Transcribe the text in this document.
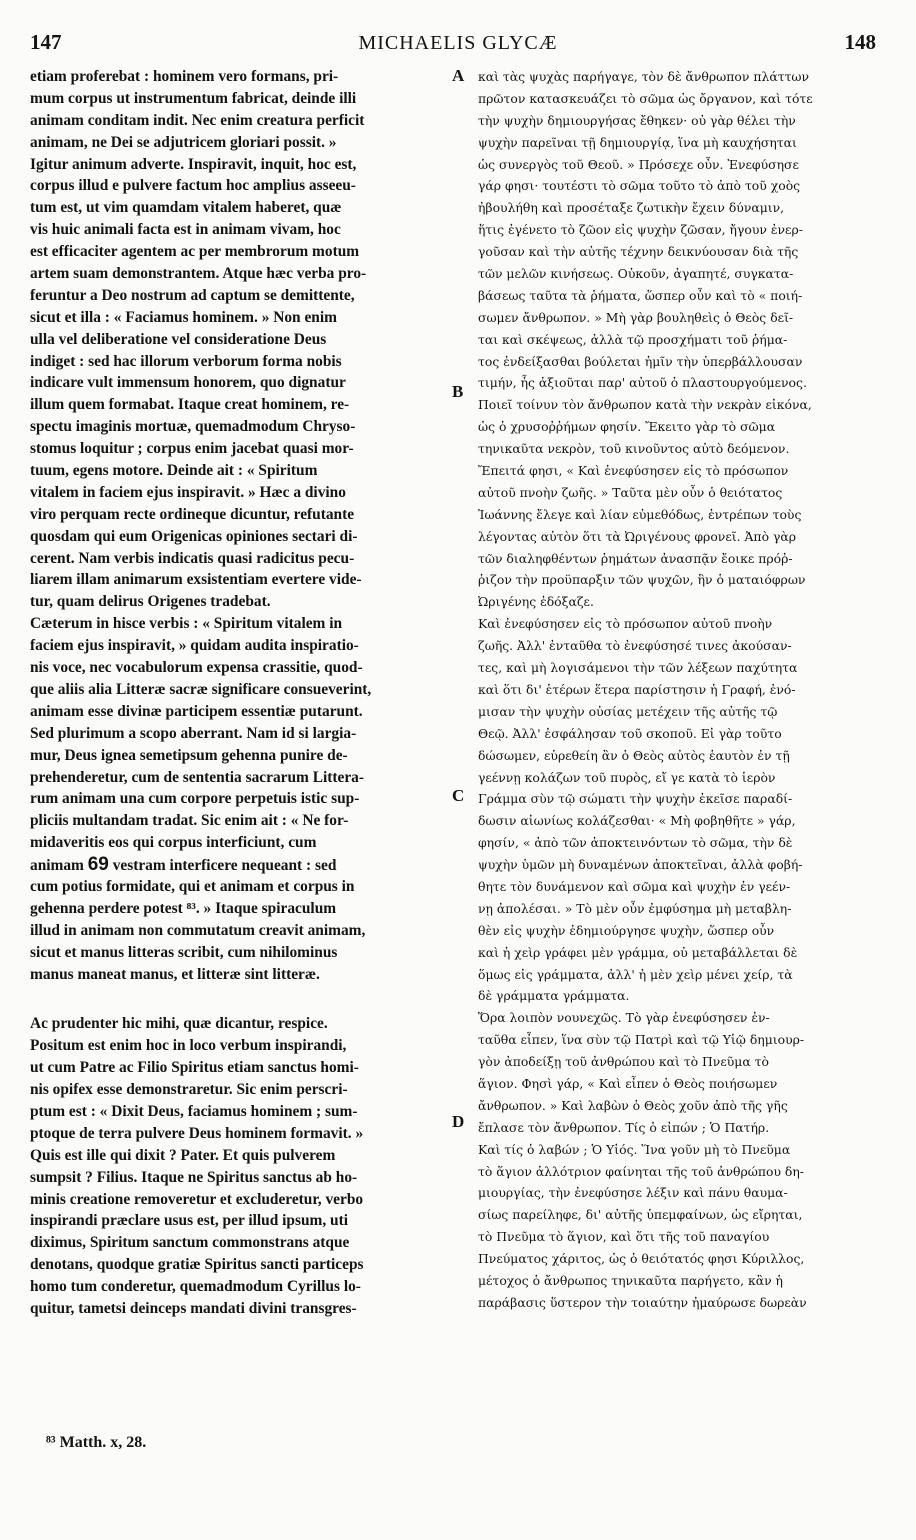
147	MICHAELIS GLYCÆ	148
etiam proferebat : hominem vero formans, pri-
mum corpus ut instrumentum fabricat, deinde illi
animam conditam indit. Nec enim creatura perficit
animam, ne Dei se adjutricem gloriari possit. »
Igitur animum adverte. Inspiravit, inquit, hoc est,
corpus illud e pulvere factum hoc amplius asseeu-
tum est, ut vim quamdam vitalem haberet, quæ
vis huic animali facta est in animam vivam, hoc
est efficaciter agentem ac per membrorum motum
artem suam demonstrantem. Atque hæc verba pro-
feruntur a Deo nostrum ad captum se demittente,
sicut et illa : « Faciamus hominem. » Non enim
ulla vel deliberatione vel consideratione Deus
indiget : sed hac illorum verborum forma nobis
indicare vult immensum honorem, quo dignatur
illum quem formabat. Itaque creat hominem, re-
spectu imaginis mortuæ, quemadmodum Chryso-
stomus loquitur ; corpus enim jacebat quasi mor-
tuum, egens motore. Deinde ait : « Spiritum
vitalem in faciem ejus inspiravit. » Hæc a divino
viro perquam recte ordineque dicuntur, refutante
quosdam qui eum Origenicas opiniones sectari di-
cerent. Nam verbis indicatis quasi radicitus pecu-
liarem illam animarum exsistentiam evertere vide-
tur, quam delirus Origenes tradebat.
Cæterum in hisce verbis : « Spiritum vitalem in
faciem ejus inspiravit, » quidam audita inspiratio-
nis voce, nec vocabulorum expensa crassitie, quod-
que aliis alia Litteræ sacræ significare consueverint,
animam esse divinæ participem essentiæ putarunt.
Sed plurimum a scopo aberrant. Nam id si largia-
mur, Deus ignea semetipsum gehenna punire de-
prehenderetur, cum de sententia sacrarum Littera-
rum animam una cum corpore perpetuis istic sup-
pliciis multandam tradat. Sic enim ait : « Ne for-
midaveritis eos qui corpus interficiunt, cum
animam 69 vestram interficere nequeant : sed
cum potius formidate, qui et animam et corpus in
gehenna perdere potest ⁸³. » Itaque spiraculum
illud in animam non commutatum creavit animam,
sicut et manus litteras scribit, cum nihilominus
manus maneat manus, et litteræ sint litteræ.
Ac prudenter hic mihi, quæ dicantur, respice.
Positum est enim hoc in loco verbum inspirandi,
ut cum Patre ac Filio Spiritus etiam sanctus homi-
nis opifex esse demonstraretur. Sic enim perscri-
ptum est : « Dixit Deus, faciamus hominem ; sum-
ptoque de terra pulvere Deus hominem formavit. »
Quis est ille qui dixit ? Pater. Et quis pulverem
sumpsit ? Filius. Itaque ne Spiritus sanctus ab ho-
minis creatione removeretur et excluderetur, verbo
inspirandi præclare usus est, per illud ipsum, uti
diximus, Spiritum sanctum commonstrans atque
denotans, quodque gratiæ Spiritus sancti particeps
homo tum conderetur, quemadmodum Cyrillus lo-
quitur, tametsi deinceps mandati divini transgres-
καὶ τὰς ψυχὰς παρήγαγε, τὸν δὲ ἄνθρωπον πλάττων
πρῶτον κατασκευάζει τὸ σῶμα ὡς ὄργανον, καὶ τότε
τὴν ψυχὴν δημιουργήσας ἔθηκεν· οὐ γὰρ θέλει τὴν
ψυχὴν παρεῖναι τῇ δημιουργίᾳ, ἵνα μὴ καυχήσηται
ὡς συνεργὸς τοῦ Θεοῦ. » Πρόσεχε οὖν. Ἐνεφύσησε
γάρ φησι· τουτέστι τὸ σῶμα τοῦτο τὸ ἀπὸ τοῦ χοὸς
ἠβουλήθη καὶ προσέταξε ζωτικὴν ἔχειν δύναμιν,
ἥτις ἐγένετο τὸ ζῶον εἰς ψυχὴν ζῶσαν, ἤγουν ἐνερ-
γοῦσαν καὶ τὴν αὐτῆς τέχνην δεικνύουσαν διὰ τῆς
τῶν μελῶν κινήσεως. Οὐκοῦν, ἀγαπητέ, συγκατα-
βάσεως ταῦτα τὰ ῥήματα, ὥσπερ οὖν καὶ τὸ « ποιή-
σωμεν ἄνθρωπον. » Μὴ γὰρ βουληθεὶς ὁ Θεὸς δεῖ-
ται καὶ σκέψεως, ἀλλὰ τῷ προσχήματι τοῦ ῥήμα-
τος ἐνδείξασθαι βούλεται ἡμῖν τὴν ὑπερβάλλουσαν
τιμήν, ἧς ἀξιοῦται παρ' αὐτοῦ ὁ πλαστουργούμενος.
Ποιεῖ τοίνυν τὸν ἄνθρωπον κατὰ τὴν νεκρὰν εἰκόνα,
ὡς ὁ χρυσοῤῥήμων φησίν. Ἔκειτο γὰρ τὸ σῶμα
τηνικαῦτα νεκρὸν, τοῦ κινοῦντος αὐτὸ δεόμενον.
Ἔπειτά φησι, « Καὶ ἐνεφύσησεν εἰς τὸ πρόσωπον
αὐτοῦ πνοὴν ζωῆς. » Ταῦτα μὲν οὖν ὁ θειότατος
Ἰωάννης ἔλεγε καὶ λίαν εὐμεθόδως, ἐντρέπων τοὺς
λέγοντας αὐτὸν ὅτι τὰ Ὠριγένους φρονεῖ. Ἀπὸ γὰρ
τῶν διαληφθέντων ῥημάτων ἀνασπᾷν ἔοικε πρόῤ-
ῥιζον τὴν προϋπαρξιν τῶν ψυχῶν, ἣν ὁ ματαιόφρων
Ὠριγένης ἐδόξαζε.
Καὶ ἐνεφύσησεν εἰς τὸ πρόσωπον αὐτοῦ πνοὴν
ζωῆς. Ἀλλ' ἐνταῦθα τὸ ἐνεφύσησέ τινες ἀκούσαν-
τες, καὶ μὴ λογισάμενοι τὴν τῶν λέξεων παχύτητα
καὶ ὅτι δι' ἑτέρων ἕτερα παρίστησιν ἡ Γραφή, ἐνό-
μισαν τὴν ψυχὴν οὐσίας μετέχειν τῆς αὐτῆς τῷ
Θεῷ. Ἀλλ' ἐσφάλησαν τοῦ σκοποῦ. Εἰ γὰρ τοῦτο
δώσωμεν, εὑρεθείη ἂν ὁ Θεὸς αὐτὸς ἑαυτὸν ἐν τῇ
γεέννῃ κολάζων τοῦ πυρὸς, εἴ γε κατὰ τὸ ἱερὸν
Γράμμα σὺν τῷ σώματι τὴν ψυχὴν ἐκεῖσε παραδί-
δωσιν αἰωνίως κολάζεσθαι· « Μὴ φοβηθῆτε » γάρ,
φησίν, « ἀπὸ τῶν ἀποκτεινόντων τὸ σῶμα, τὴν δὲ
ψυχὴν ὑμῶν μὴ δυναμένων ἀποκτεῖναι, ἀλλὰ φοβή-
θητε τὸν δυνάμενον καὶ σῶμα καὶ ψυχὴν ἐν γεέν-
νῃ ἀπολέσαι. » Τὸ μὲν οὖν ἐμφύσημα μὴ μεταβλη-
θὲν εἰς ψυχὴν ἐδημιούργησε ψυχὴν, ὥσπερ οὖν
καὶ ἡ χεὶρ γράφει μὲν γράμμα, οὐ μεταβάλλεται δὲ
ὅμως εἰς γράμματα, ἀλλ' ἡ μὲν χεὶρ μένει χείρ, τὰ
δὲ γράμματα γράμματα.
Ὅρα λοιπὸν νουνεχῶς. Τὸ γὰρ ἐνεφύσησεν ἐν-
ταῦθα εἶπεν, ἵνα σὺν τῷ Πατρὶ καὶ τῷ Υἱῷ δημιουρ-
γὸν ἀποδείξῃ τοῦ ἀνθρώπου καὶ τὸ Πνεῦμα τὸ
ἅγιον. Φησὶ γάρ, « Καὶ εἶπεν ὁ Θεὸς ποιήσωμεν
ἄνθρωπον. » Καὶ λαβὼν ὁ Θεὸς χοῦν ἀπὸ τῆς γῆς
ἔπλασε τὸν ἄνθρωπον. Τίς ὁ εἰπών ; Ὁ Πατήρ.
Καὶ τίς ὁ λαβών ; Ὁ Υἱός. Ἵνα γοῦν μὴ τὸ Πνεῦμα
τὸ ἅγιον ἀλλότριον φαίνηται τῆς τοῦ ἀνθρώπου δη-
μιουργίας, τὴν ἐνεφύσησε λέξιν καὶ πάνυ θαυμα-
σίως παρείληφε, δι' αὐτῆς ὑπεμφαίνων, ὡς εἴρηται,
τὸ Πνεῦμα τὸ ἅγιον, καὶ ὅτι τῆς τοῦ παναγίου
Πνεύματος χάριτος, ὡς ὁ θειότατός φησι Κύριλλος,
μέτοχος ὁ ἄνθρωπος τηνικαῦτα παρήγετο, κἂν ἡ
παράβασις ὕστερον τὴν τοιαύτην ἠμαύρωσε δωρεὰν
A
B
C
D
⁸³ Matth. x, 28.
